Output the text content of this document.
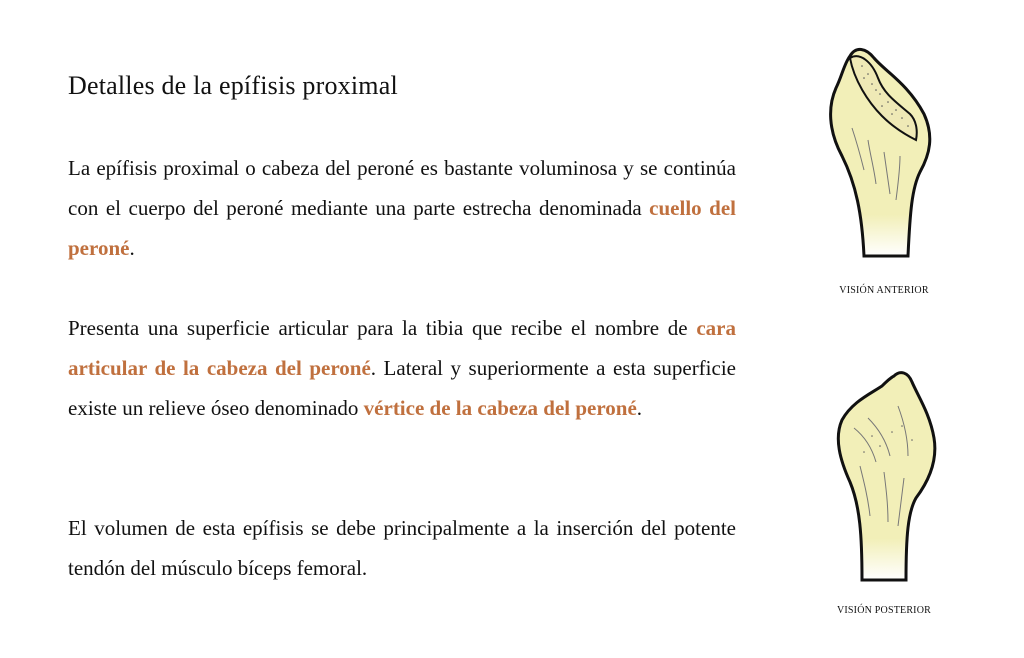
Detalles de la epífisis proximal

La epífisis proximal o cabeza del peroné es bastante voluminosa y se continúa con el cuerpo del peroné mediante una parte estrecha denominada cuello del peroné.

Presenta una superficie articular para la tibia que recibe el nombre de cara articular de la cabeza del peroné. Lateral y superiormente a esta superficie existe un relieve óseo denominado vértice de la cabeza del peroné.

El volumen de esta epífisis se debe principalmente a la inserción del potente tendón del músculo bíceps femoral.

VISIÓN ANTERIOR
VISIÓN POSTERIOR
